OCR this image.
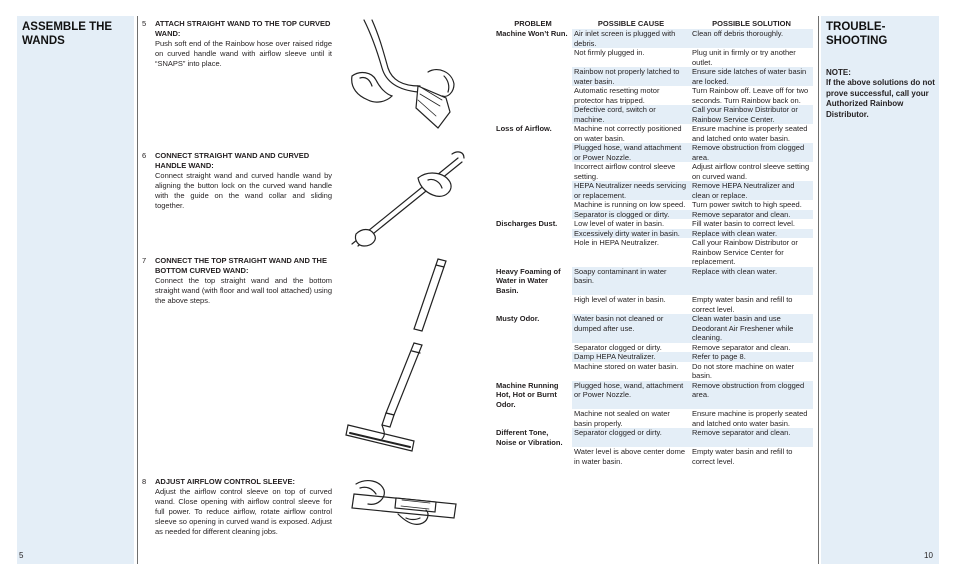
ASSEMBLE THE WANDS
5
5 ATTACH STRAIGHT WAND TO THE TOP CURVED WAND:
Push soft end of the Rainbow hose over raised ridge on curved handle wand with airflow sleeve until it “SNAPS” into place.
6 CONNECT STRAIGHT WAND AND CURVED HANDLE WAND:
Connect straight wand and curved handle wand by aligning the button lock on the curved wand handle with the guide on the wand collar and sliding together.
7 CONNECT THE TOP STRAIGHT WAND AND THE BOTTOM CURVED WAND:
Connect the top straight wand and the bottom straight wand (with floor and wall tool attached) using the above steps.
8 ADJUST AIRFLOW CONTROL SLEEVE:
Adjust the airflow control sleeve on top of curved wand. Close opening with airflow control sleeve for full power. To reduce airflow, rotate airflow control sleeve so opening in curved wand is exposed. Adjust as needed for different cleaning jobs.
PROBLEM	POSSIBLE CAUSE	POSSIBLE SOLUTION
Machine Won’t Run.	Air inlet screen is plugged with debris.	Clean off debris thoroughly.
	Not firmly plugged in.	Plug unit in firmly or try another outlet.
	Rainbow not properly latched to water basin.	Ensure side latches of water basin are locked.
	Automatic resetting motor protector has tripped.	Turn Rainbow off. Leave off for two seconds. Turn Rainbow back on.
	Defective cord, switch or machine.	Call your Rainbow Distributor or Rainbow Service Center.
Loss of Airflow.	Machine not correctly positioned on water basin.	Ensure machine is properly seated and latched onto water basin.
	Plugged hose, wand attachment or Power Nozzle.	Remove obstruction from clogged area.
	Incorrect airflow control sleeve setting.	Adjust airflow control sleeve setting on curved wand.
	HEPA Neutralizer needs servicing or replacement.	Remove HEPA Neutralizer and clean or replace.
	Machine is running on low speed.	Turn power switch to high speed.
	Separator is clogged or dirty.	Remove separator and clean.
Discharges Dust.	Low level of water in basin.	Fill water basin to correct level.
	Excessively dirty water in basin.	Replace with clean water.
	Hole in HEPA Neutralizer.	Call your Rainbow Distributor or Rainbow Service Center for replacement.
Heavy Foaming of Water in Water Basin.	Soapy contaminant in water basin.	Replace with clean water.
	High level of water in basin.	Empty water basin and refill to correct level.
Musty Odor.	Water basin not cleaned or dumped after use.	Clean water basin and use Deodorant Air Freshener while cleaning.
	Separator clogged or dirty.	Remove separator and clean.
	Damp HEPA Neutralizer.	Refer to page 8.
	Machine stored on water basin.	Do not store machine on water basin.
Machine Running Hot, Hot or Burnt Odor.	Plugged hose, wand, attachment or Power Nozzle.	Remove obstruction from clogged area.
	Machine not sealed on water basin properly.	Ensure machine is properly seated and latched onto water basin.
Different Tone, Noise or Vibration.	Separator clogged or dirty.	Remove separator and clean.
	Water level is above center dome in water basin.	Empty water basin and refill to correct level.
TROUBLE-SHOOTING
NOTE:
If the above solutions do not prove successful, call your Authorized Rainbow Distributor.
10
